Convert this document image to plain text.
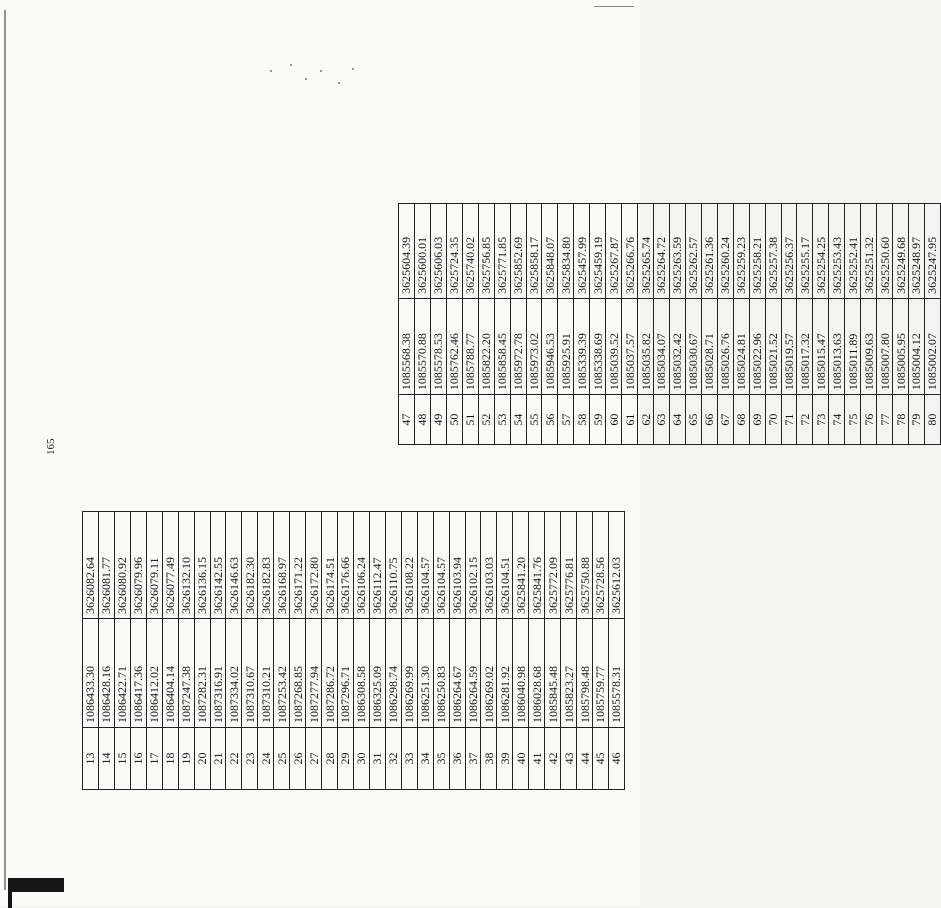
165
13	1086433.30	3626082.64
14	1086428.16	3626081.77
15	1086422.71	3626080.92
16	1086417.36	3626079.96
17	1086412.02	3626079.11
18	1086404.14	3626077.49
19	1087247.38	3626132.10
20	1087282.31	3626136.15
21	1087316.91	3626142.55
22	1087334.02	3626146.63
23	1087310.67	3626182.30
24	1087310.21	3626182.83
25	1087253.42	3626168.97
26	1087268.85	3626171.22
27	1087277.94	3626172.80
28	1087286.72	3626174.51
29	1087296.71	3626176.66
30	1086308.58	3626106.24
31	1086325.09	3626112.47
32	1086298.74	3626110.75
33	1086269.99	3626108.22
34	1086251.30	3626104.57
35	1086250.83	3626104.57
36	1086264.67	3626103.94
37	1086264.59	3626102.15
38	1086269.02	3626103.03
39	1086281.92	3626104.51
40	1086040.98	3625841.20
41	1086028.68	3625841.76
42	1085845.48	3625772.09
43	1085823.27	3625776.81
44	1085798.48	3625750.88
45	1085759.77	3625728.56
46	1085578.31	3625612.03
47	1085568.38	3625604.39
48	1085570.88	3625600.01
49	1085578.53	3625606.03
50	1085762.46	3625724.35
51	1085788.77	3625740.02
52	1085822.20	3625756.85
53	1085858.45	3625771.85
54	1085972.78	3625852.69
55	1085973.02	3625858.17
56	1085946.53	3625848.07
57	1085925.91	3625834.80
58	1085339.39	3625457.99
59	1085338.69	3625459.19
60	1085039.52	3625267.87
61	1085037.57	3625266.76
62	1085035.82	3625265.74
63	1085034.07	3625264.72
64	1085032.42	3625263.59
65	1085030.67	3625262.57
66	1085028.71	3625261.36
67	1085026.76	3625260.24
68	1085024.81	3625259.23
69	1085022.96	3625258.21
70	1085021.52	3625257.38
71	1085019.57	3625256.37
72	1085017.32	3625255.17
73	1085015.47	3625254.25
74	1085013.63	3625253.43
75	1085011.89	3625252.41
76	1085009.63	3625251.32
77	1085007.80	3625250.60
78	1085005.95	3625249.68
79	1085004.12	3625248.97
80	1085002.07	3625247.95
